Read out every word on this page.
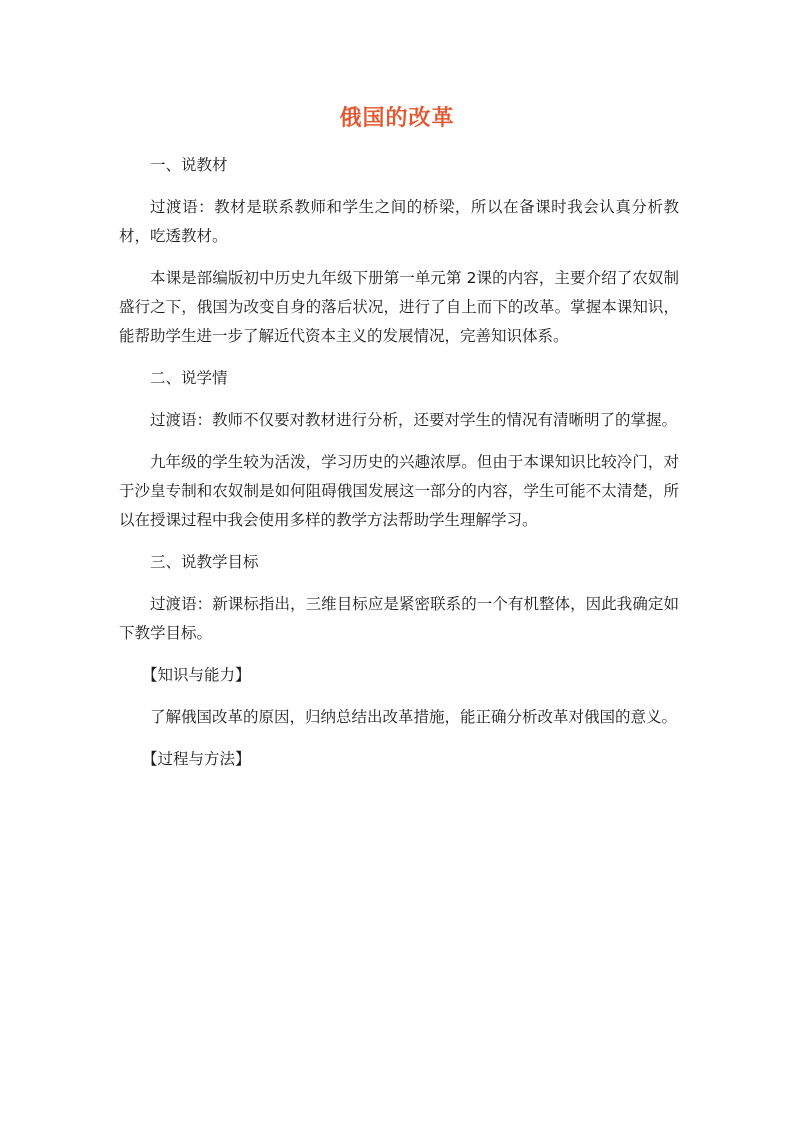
俄国的改革

一、说教材

过渡语：教材是联系教师和学生之间的桥梁，所以在备课时我会认真分析教材，吃透教材。

本课是部编版初中历史九年级下册第一单元第 2课的内容，主要介绍了农奴制盛行之下，俄国为改变自身的落后状况，进行了自上而下的改革。掌握本课知识，能帮助学生进一步了解近代资本主义的发展情况，完善知识体系。

二、说学情

过渡语：教师不仅要对教材进行分析，还要对学生的情况有清晰明了的掌握。

九年级的学生较为活泼，学习历史的兴趣浓厚。但由于本课知识比较冷门，对于沙皇专制和农奴制是如何阻碍俄国发展这一部分的内容，学生可能不太清楚，所以在授课过程中我会使用多样的教学方法帮助学生理解学习。

三、说教学目标

过渡语：新课标指出，三维目标应是紧密联系的一个有机整体，因此我确定如下教学目标。

【知识与能力】

了解俄国改革的原因，归纳总结出改革措施，能正确分析改革对俄国的意义。

【过程与方法】
